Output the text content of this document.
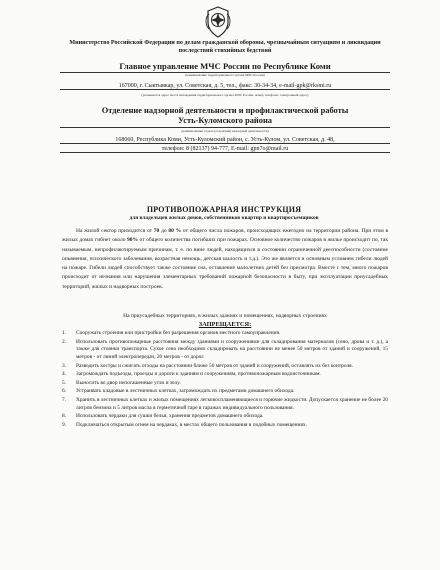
Министерство Российской Федерации по делам гражданской обороны, чрезвычайным ситуациям и ликвидации последствий стихийных бедствий
Главное управление МЧС России по Республике Коми
(наименование территориального органа МЧС России)
167000, г. Сыктывкар, ул. Советская, д. 5, тел., факс: 30-34-34, e-mail-gpk@rksmi.ru
(указывается адрес места нахождения территориального органа МЧС России, номер телефона, электронный адрес)
Отделение надзорной деятельности и профилактической работы
Усть-Куломского района
(наименование отдела (отделения) надзорной деятельности)
168060, Республика Коми, Усть-Куломский район, с. Усть-Кулом, ул. Советская, д. 48,
телефон: 8 (82137) 94-777, E-mail: gpn7o@mail.ru
ПРОТИВОПОЖАРНАЯ ИНСТРУКЦИЯ
для владельцев жилых домов, собственников квартир и квартиросъемщиков
На жилой сектор приходится от 70 до 80 % от общего числа пожаров, происходящих ежегодно на территории района. При этом в жилых домах гибнет около 90% от общего количества погибших при пожарах. Основное количество пожаров в жилье происходит по, так называемым, непрофилактируемым причинам, т. е. по вине людей, находящихся в состоянии ограниченной дееспособности (состояние опьянения, психического заболевания, возрастная немощь, детская шалость и т.д.). Это же является и основным условием гибели людей на пожаре. Гибели людей способствует также состояние сна, оставление малолетних детей без присмотра. Вместе с тем, много пожаров происходит от незнания или нарушения элементарных требований пожарной безопасности в быту, при эксплуатации приусадебных территорий, жилых и надворных построек.
На приусадебных территориях, в жилых зданиях и помещениях, надворных строениях
ЗАПРЕЩАЕТСЯ:
1. Сооружать строения или пристройки без разрешения органов местного самоуправления.
2. Использовать противопожарные расстояния между зданиями и сооружениями для складирования материалов (сено, дрова и т. д.), а также для стоянки транспорта. Сухое сено необходимо складировать на расстоянии не менее 50 метров от зданий и сооружений, 15 метров - от линий электропередач, 20 метров - от дорог.
3. Разводить костры и сжигать отходы на расстоянии ближе 50 метров от зданий и сооружений, оставлять их без контроля.
4. Загромождать подъезды, проезды и дороги к зданиям и сооружениям, противопожарным водоисточникам.
5. Выносить во двор непогашенные угли и золу.
6. Устраивать кладовые в лестничных клетках, загромождать их предметами домашнего обихода.
7. Хранить в лестничных клетках и жилых помещениях легковоспламеняющиеся и горючие жидкости. Допускается хранение не более 20 литров бензина и 5 литров масла в герметичной таре в гаражах индивидуального пользования.
8. Использовать чердаки для сушки белья, хранения предметов домашнего обихода.
9. Подключаться открытым огнем на чердаках, в местах общего пользования в подобных помещениях.
